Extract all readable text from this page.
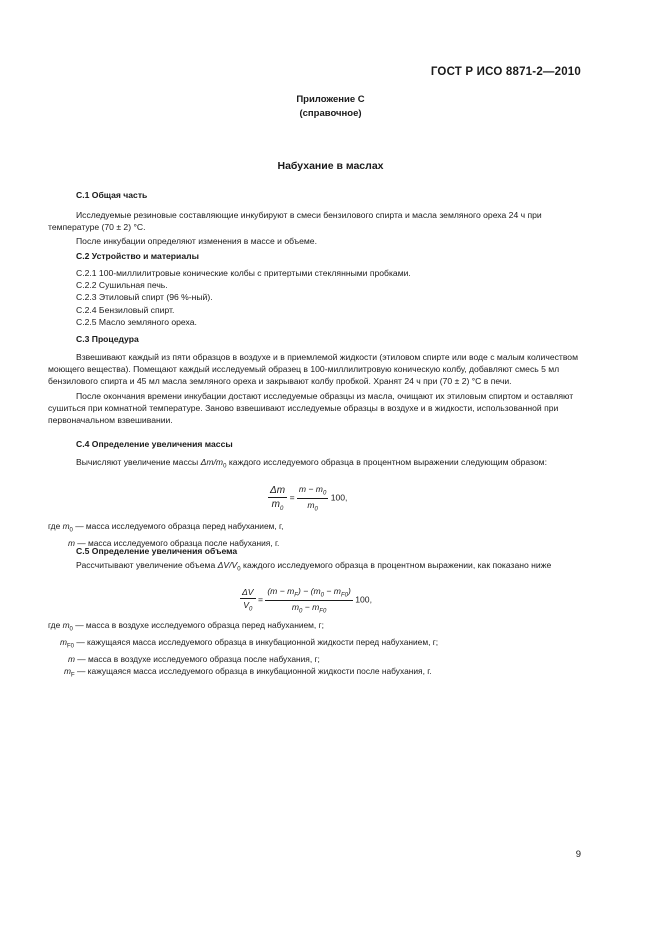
ГОСТ Р ИСО 8871-2—2010
Приложение С
(справочное)
Набухание в маслах
С.1 Общая часть

Исследуемые резиновые составляющие инкубируют в смеси бензилового спирта и масла земляного ореха 24 ч при температуре (70 ± 2) °С.

После инкубации определяют изменения в массе и объеме.

С.2 Устройство и материалы
С.2.1 100-миллилитровые конические колбы с притертыми стеклянными пробками.
С.2.2 Сушильная печь.
С.2.3 Этиловый спирт (96 %-ный).
С.2.4 Бензиловый спирт.
С.2.5 Масло земляного ореха.
С.3 Процедура

Взвешивают каждый из пяти образцов в воздухе и в приемлемой жидкости (этиловом спирте или воде с малым количеством моющего вещества). Помещают каждый исследуемый образец в 100-миллилитровую коническую колбу, добавляют смесь 5 мл бензилового спирта и 45 мл масла земляного ореха и закрывают колбу пробкой. Хранят 24 ч при (70 ± 2) °С в печи.

После окончания времени инкубации достают исследуемые образцы из масла, очищают их этиловым спиртом и оставляют сушиться при комнатной температуре. Заново взвешивают исследуемые образцы в воздухе и в жидкости, использованной при первоначальном взвешивании.

С.4 Определение увеличения массы

Вычисляют увеличение массы $\Delta m/m_0$ каждого исследуемого образца в процентном выражении следующим образом:

$\frac{\Delta m}{m_0} = \frac{m - m_0}{m_0} 100$,
где $m_0$ — масса исследуемого образца перед набуханием, г,
m — масса исследуемого образца после набухания, г.
С.5 Определение увеличения объема

Рассчитывают увеличение объема $\Delta V/V_0$ каждого исследуемого образца в процентном выражении, как показано ниже

$\frac{\Delta V}{V_0} = \frac{(m - m_F) - (m_0 - m_{F0})}{m_0 - m_{F0}} 100$,
где $m_0$ — масса в воздухе исследуемого образца перед набуханием, г;
$m_{F0}$ — кажущаяся масса исследуемого образца в инкубационной жидкости перед набуханием, г;
m — масса в воздухе исследуемого образца после набухания, г;
$m_F$ — кажущаяся масса исследуемого образца в инкубационной жидкости после набухания, г.
9
